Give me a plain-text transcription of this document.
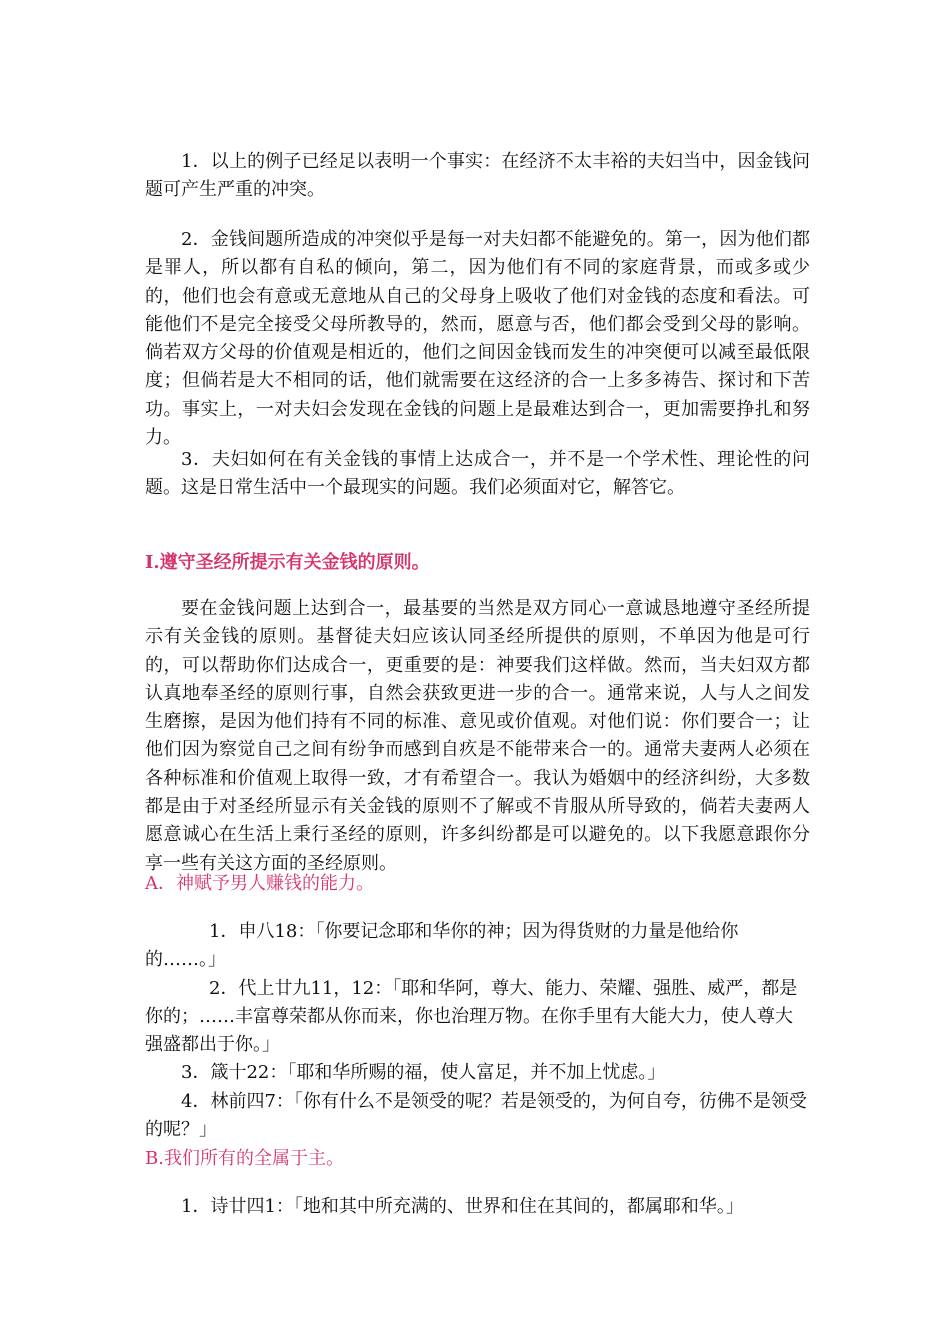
1．以上的例子已经足以表明一个事实：在经济不太丰裕的夫妇当中，因金钱问题可产生严重的冲突。

2．金钱间题所造成的冲突似乎是每一对夫妇都不能避免的。第一，因为他们都是罪人，所以都有自私的倾向，第二，因为他们有不同的家庭背景，而或多或少的，他们也会有意或无意地从自己的父母身上吸收了他们对金钱的态度和看法。可能他们不是完全接受父母所教导的，然而，愿意与否，他们都会受到父母的影响。倘若双方父母的价值观是相近的，他们之间因金钱而发生的冲突便可以减至最低限度；但倘若是大不相同的话，他们就需要在这经济的合一上多多祷告、探讨和下苦功。事实上，一对夫妇会发现在金钱的问题上是最难达到合一，更加需要挣扎和努力。

3．夫妇如何在有关金钱的事情上达成合一，并不是一个学术性、理论性的问题。这是日常生活中一个最现实的问题。我们必须面对它，解答它。

I.遵守圣经所提示有关金钱的原则。

要在金钱问题上达到合一，最基要的当然是双方同心一意诚恳地遵守圣经所提示有关金钱的原则。基督徒夫妇应该认同圣经所提供的原则，不单因为他是可行的，可以帮助你们达成合一，更重要的是：神要我们这样做。然而，当夫妇双方都认真地奉圣经的原则行事，自然会获致更进一步的合一。通常来说，人与人之间发生磨擦，是因为他们持有不同的标准、意见或价值观。对他们说：你们要合一；让他们因为察觉自己之间有纷争而感到自疚是不能带来合一的。通常夫妻两人必须在各种标准和价值观上取得一致，才有希望合一。我认为婚姻中的经济纠纷，大多数都是由于对圣经所显示有关金钱的原则不了解或不肯服从所导致的，倘若夫妻两人愿意诚心在生活上秉行圣经的原则，许多纠纷都是可以避免的。以下我愿意跟你分享一些有关这方面的圣经原则。

A．神赋予男人赚钱的能力。

1．申八18：「你要记念耶和华你的神；因为得货财的力量是他给你的……。」
2．代上廿九11，12：「耶和华阿，尊大、能力、荣耀、强胜、威严，都是你的；……丰富尊荣都从你而来，你也治理万物。在你手里有大能大力，使人尊大强盛都出于你。」
3．箴十22：「耶和华所赐的福，使人富足，并不加上忧虑。」
4．林前四7：「你有什么不是领受的呢？若是领受的，为何自夸，彷佛不是领受的呢？」

B.我们所有的全属于主。

1．诗廿四1：「地和其中所充满的、世界和住在其间的，都属耶和华。」
